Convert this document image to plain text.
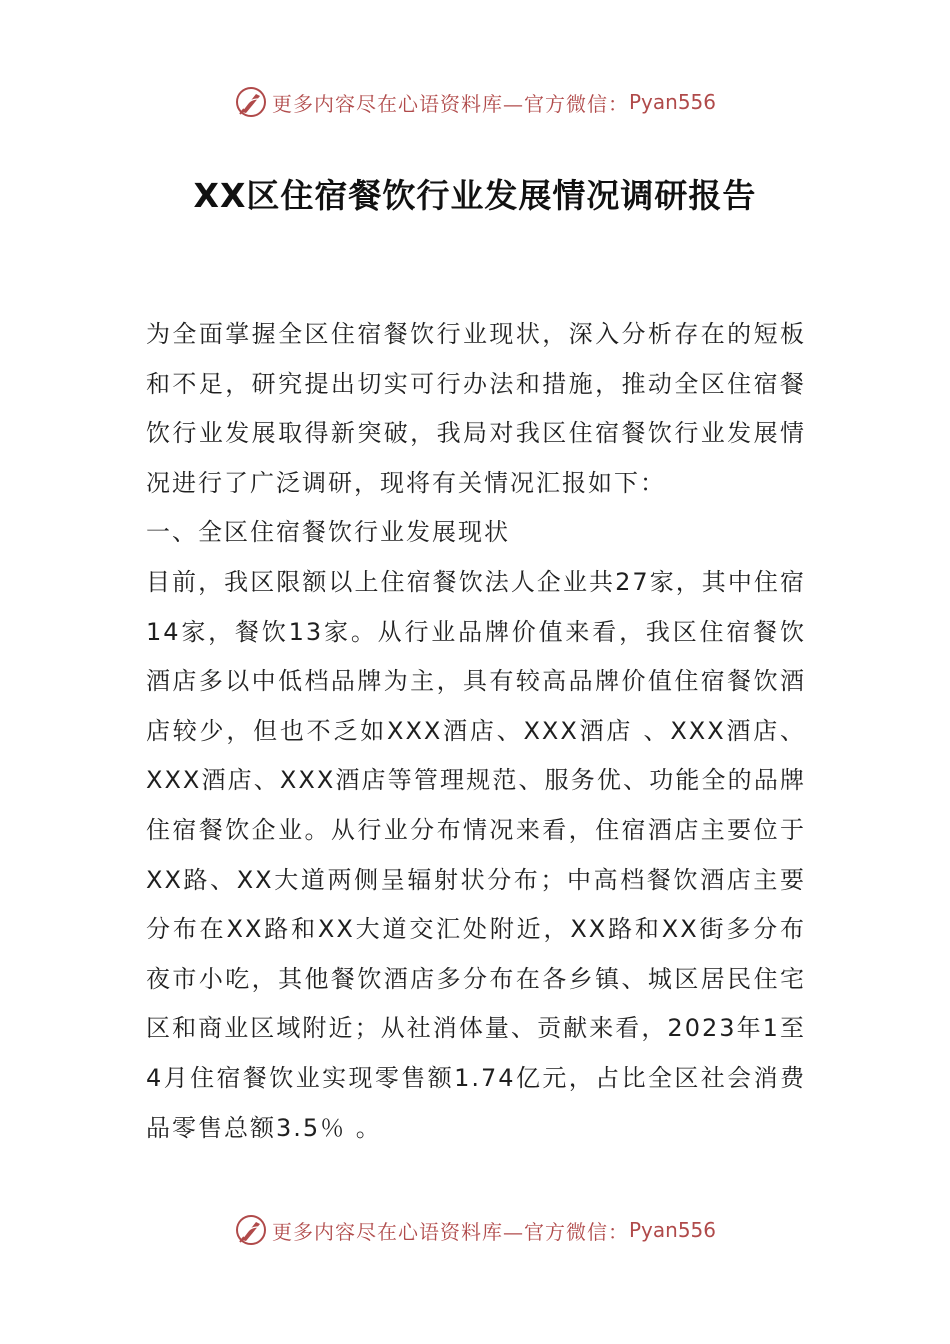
更多内容尽在心语资料库—官方微信： Pyan556
XX区住宿餐饮行业发展情况调研报告

为全面掌握全区住宿餐饮行业现状，深入分析存在的短板和不足，研究提出切实可行办法和措施，推动全区住宿餐饮行业发展取得新突破，我局对我区住宿餐饮行业发展情况进行了广泛调研，现将有关情况汇报如下：

一、全区住宿餐饮行业发展现状

目前，我区限额以上住宿餐饮法人企业共27家，其中住宿14家，餐饮13家。从行业品牌价值来看，我区住宿餐饮酒店多以中低档品牌为主，具有较高品牌价值住宿餐饮酒店较少，但也不乏如XXX酒店、XXX酒店 、XXX酒店、XXX酒店、XXX酒店等管理规范、服务优、功能全的品牌住宿餐饮企业。从行业分布情况来看，住宿酒店主要位于XX路、XX大道两侧呈辐射状分布；中高档餐饮酒店主要分布在XX路和XX大道交汇处附近，XX路和XX街多分布夜市小吃，其他餐饮酒店多分布在各乡镇、城区居民住宅区和商业区域附近；从社消体量、贡献来看，2023年1至4月住宿餐饮业实现零售额1.74亿元，占比全区社会消费品零售总额3.5％ 。

更多内容尽在心语资料库—官方微信： Pyan556
